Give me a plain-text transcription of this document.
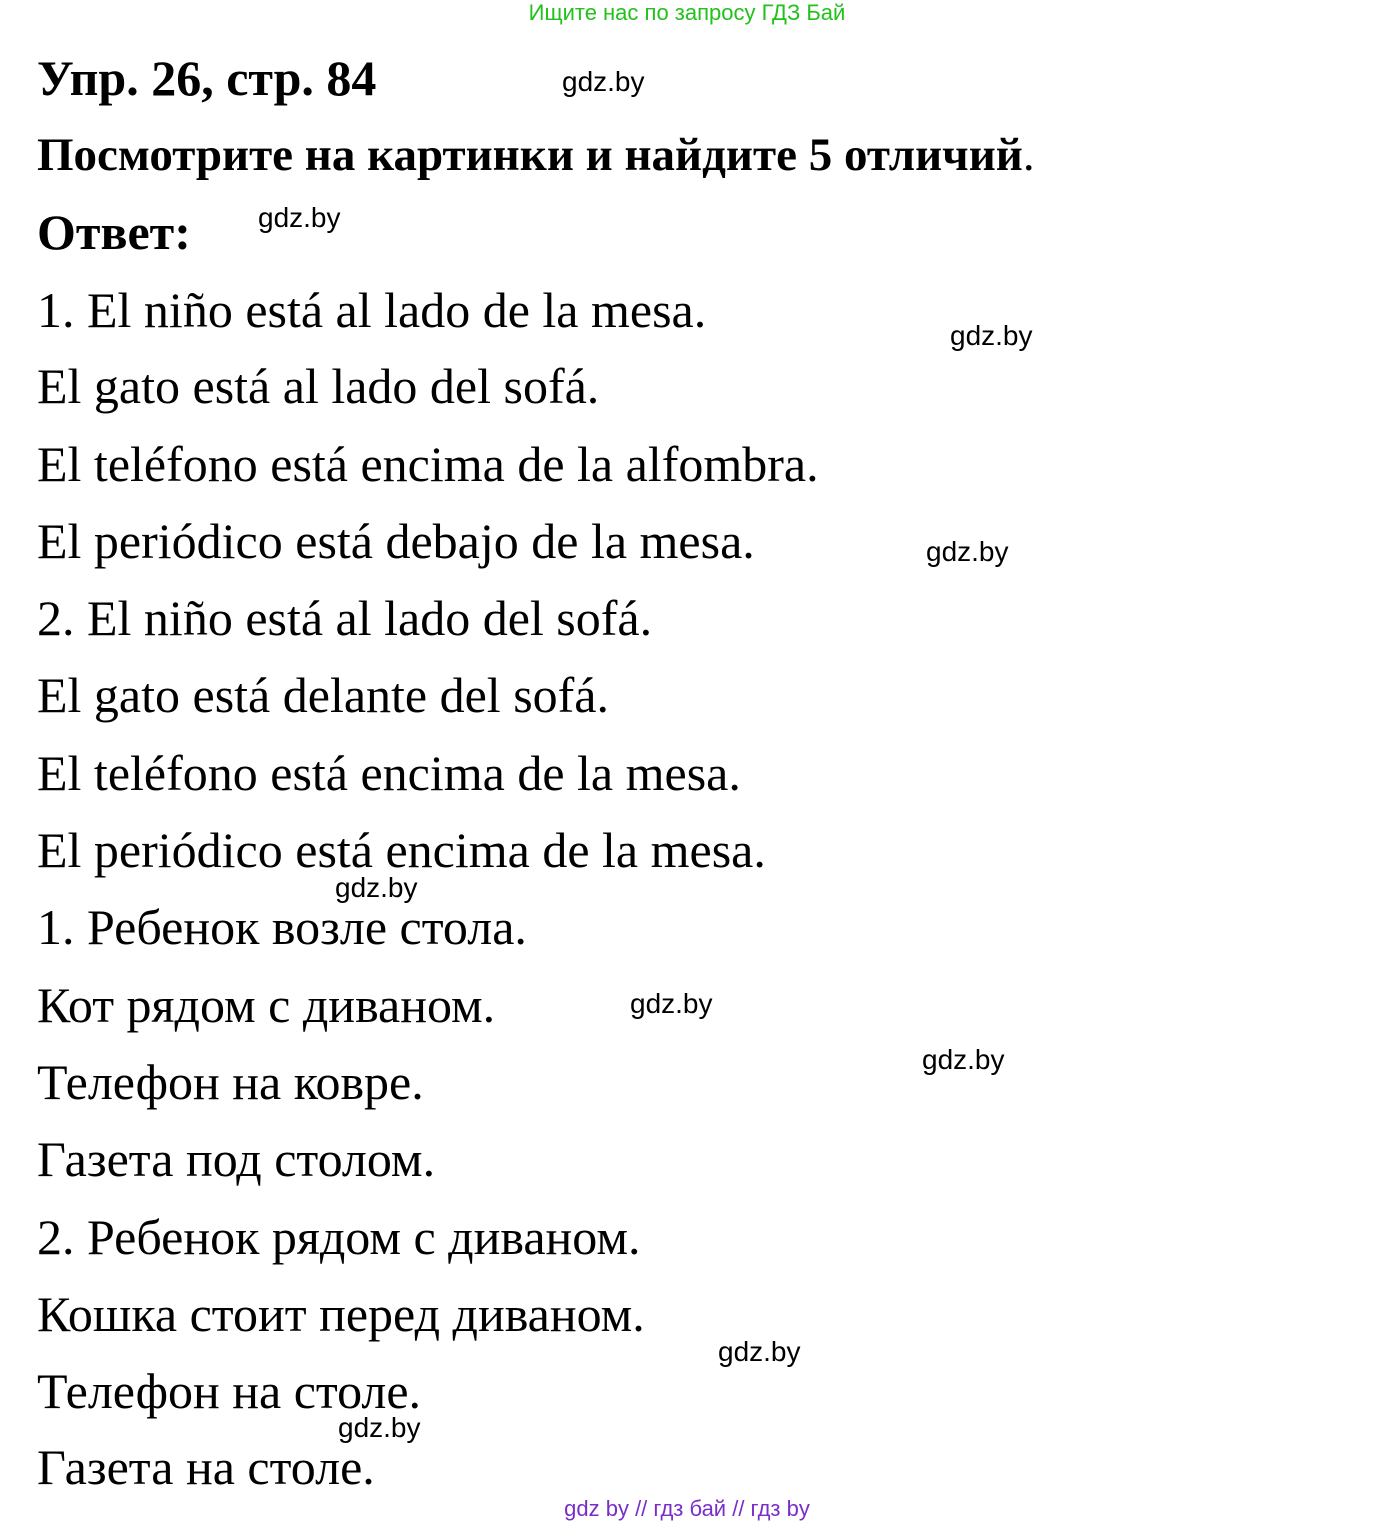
Ищите нас по запросу ГДЗ Бай
Упр. 26, стр. 84	gdz.by
Посмотрите на картинки и найдите 5 отличий.
Ответ: gdz.by
1. El niño está al lado de la mesa.	gdz.by
El gato está al lado del sofá.
El teléfono está encima de la alfombra.
El periódico está debajo de la mesa.	gdz.by
2. El niño está al lado del sofá.
El gato está delante del sofá.
El teléfono está encima de la mesa.
El periódico está encima de la mesa.
gdz.by
1. Ребенок возле стола.
Кот рядом с диваном.	gdz.by
gdz.by
Телефон на ковре.
Газета под столом.
2. Ребенок рядом с диваном.
Кошка стоит перед диваном.
gdz.by
Телефон на столе.
gdz.by
Газета на столе.
gdz by // гдз бай // гдз by
